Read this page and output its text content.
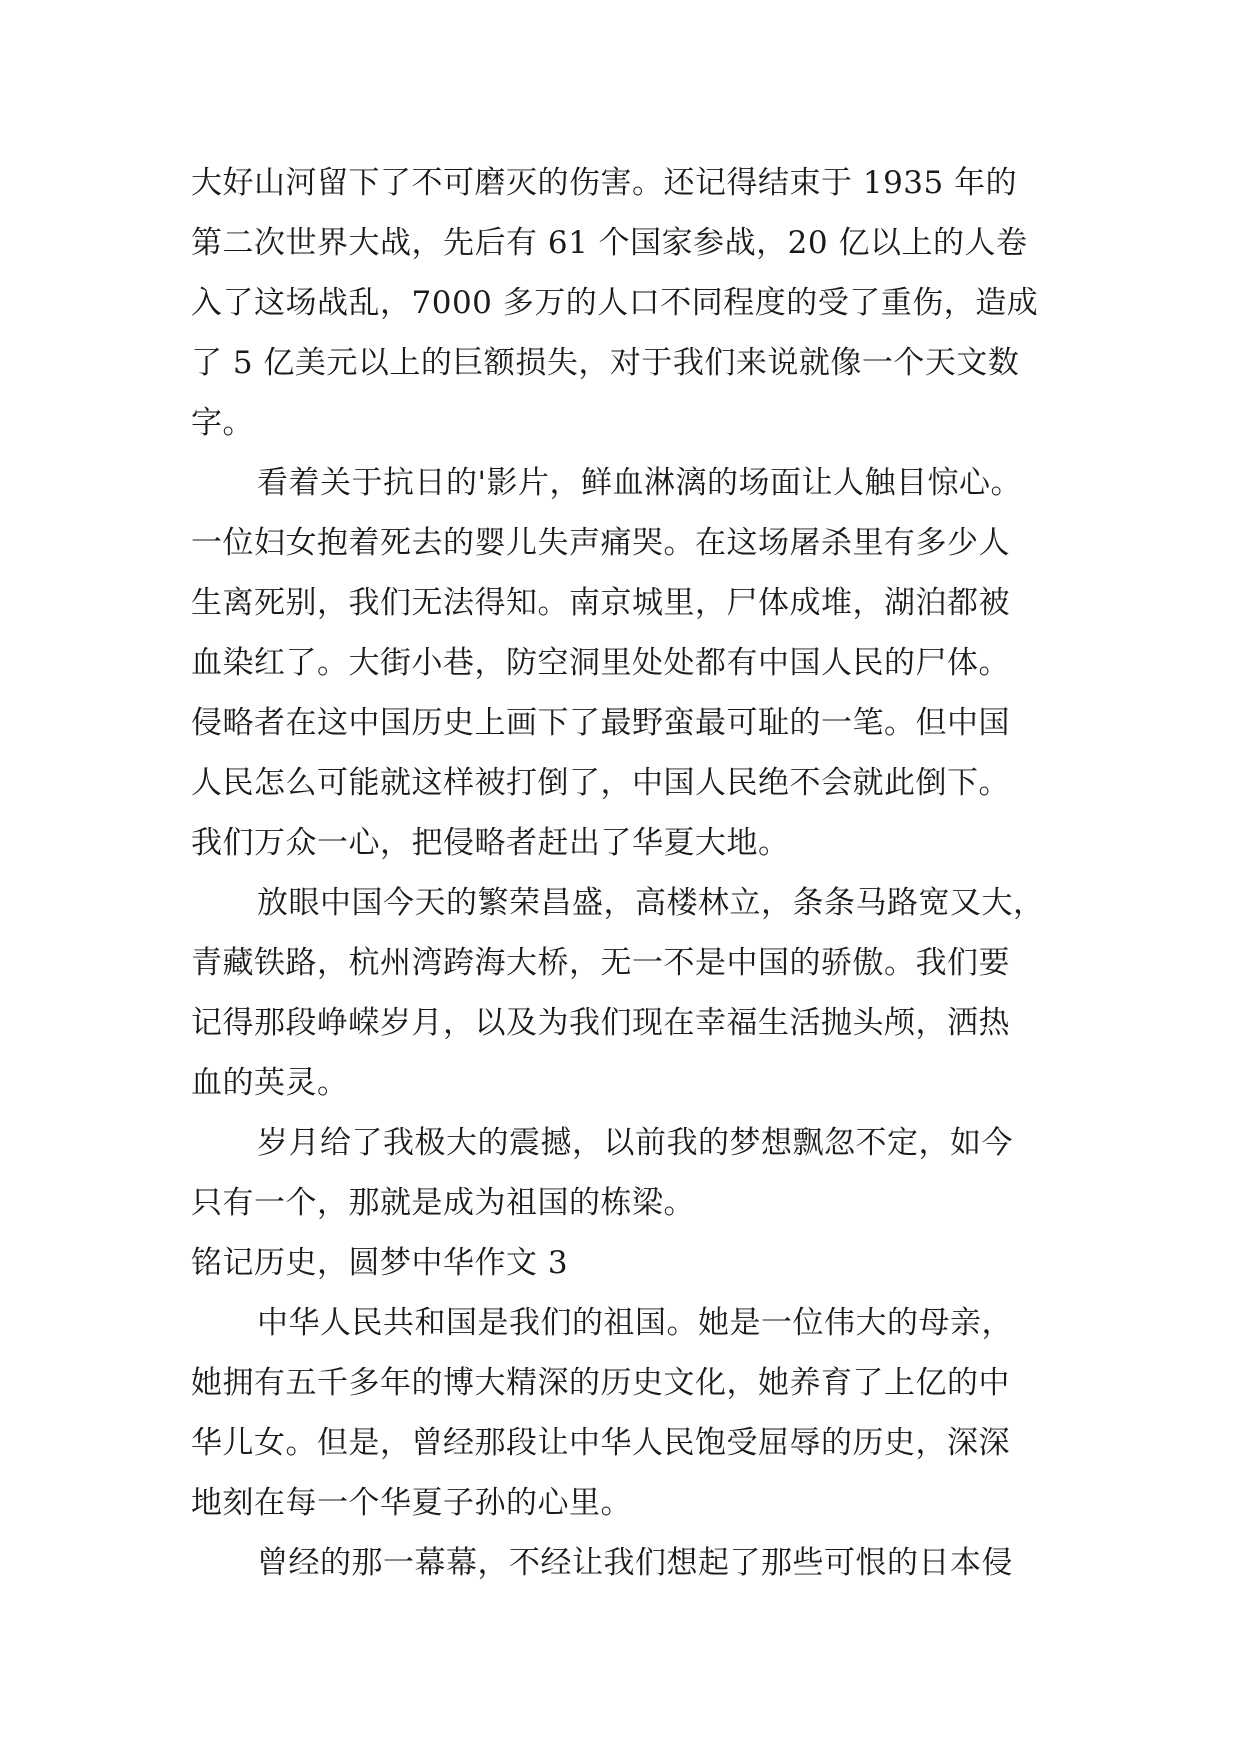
大好山河留下了不可磨灭的伤害。还记得结束于 1935 年的
第二次世界大战，先后有 61 个国家参战，20 亿以上的人卷
入了这场战乱，7000 多万的人口不同程度的受了重伤，造成
了 5 亿美元以上的巨额损失，对于我们来说就像一个天文数
字。
看着关于抗日的'影片，鲜血淋漓的场面让人触目惊心。
一位妇女抱着死去的婴儿失声痛哭。在这场屠杀里有多少人
生离死别，我们无法得知。南京城里，尸体成堆，湖泊都被
血染红了。大街小巷，防空洞里处处都有中国人民的尸体。
侵略者在这中国历史上画下了最野蛮最可耻的一笔。但中国
人民怎么可能就这样被打倒了，中国人民绝不会就此倒下。
我们万众一心，把侵略者赶出了华夏大地。
放眼中国今天的繁荣昌盛，高楼林立，条条马路宽又大，
青藏铁路，杭州湾跨海大桥，无一不是中国的骄傲。我们要
记得那段峥嵘岁月，以及为我们现在幸福生活抛头颅，洒热
血的英灵。
岁月给了我极大的震撼，以前我的梦想飘忽不定，如今
只有一个，那就是成为祖国的栋梁。
铭记历史，圆梦中华作文 3
中华人民共和国是我们的祖国。她是一位伟大的母亲，
她拥有五千多年的博大精深的历史文化，她养育了上亿的中
华儿女。但是，曾经那段让中华人民饱受屈辱的历史，深深
地刻在每一个华夏子孙的心里。
曾经的那一幕幕，不经让我们想起了那些可恨的日本侵
